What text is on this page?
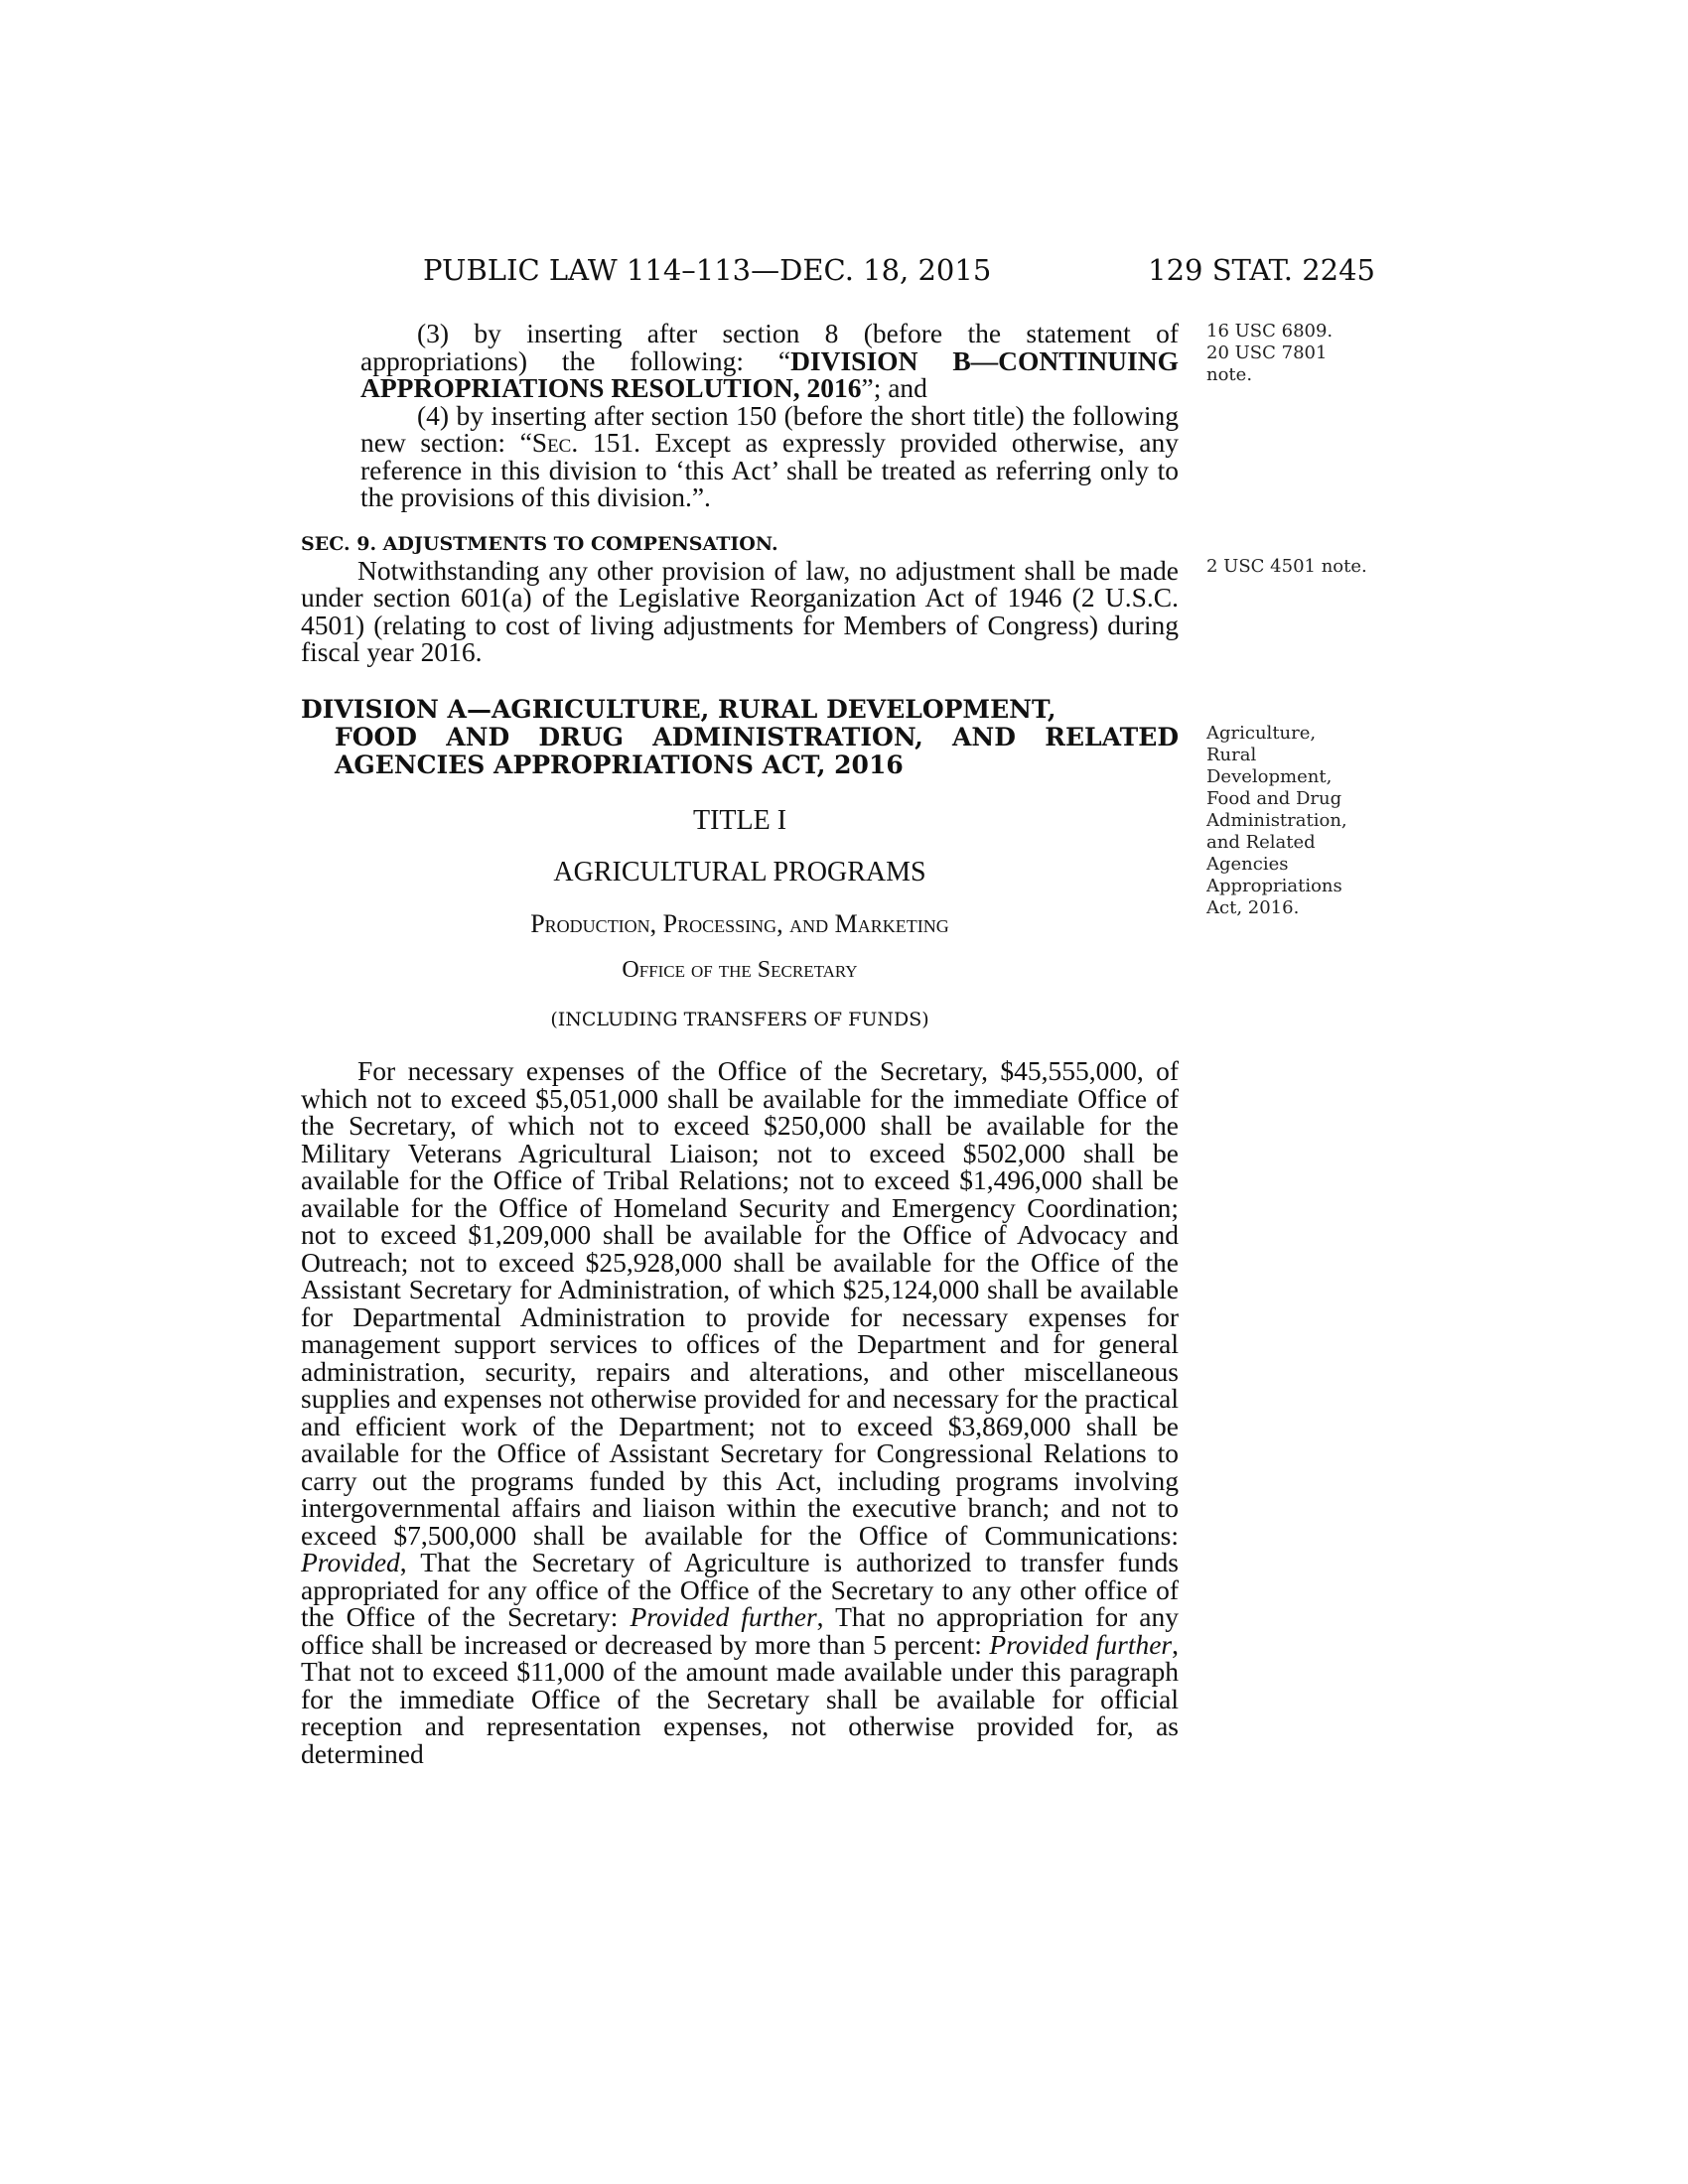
PUBLIC LAW 114–113—DEC. 18, 2015	129 STAT. 2245

(3) by inserting after section 8 (before the statement of appropriations) the following: “DIVISION B—CONTINUING APPROPRIATIONS RESOLUTION, 2016”; and

(4) by inserting after section 150 (before the short title) the following new section: “Sec. 151. Except as expressly provided otherwise, any reference in this division to ‘this Act’ shall be treated as referring only to the provisions of this division.”.

SEC. 9. ADJUSTMENTS TO COMPENSATION.

Notwithstanding any other provision of law, no adjustment shall be made under section 601(a) of the Legislative Reorganization Act of 1946 (2 U.S.C. 4501) (relating to cost of living adjustments for Members of Congress) during fiscal year 2016.

DIVISION A—AGRICULTURE, RURAL DEVELOPMENT,
FOOD AND DRUG ADMINISTRATION, AND RELATED AGENCIES APPROPRIATIONS ACT, 2016

TITLE I

AGRICULTURAL PROGRAMS

Production, Processing, and Marketing

Office of the Secretary

(INCLUDING TRANSFERS OF FUNDS)

For necessary expenses of the Office of the Secretary, $45,555,000, of which not to exceed $5,051,000 shall be available for the immediate Office of the Secretary, of which not to exceed $250,000 shall be available for the Military Veterans Agricultural Liaison; not to exceed $502,000 shall be available for the Office of Tribal Relations; not to exceed $1,496,000 shall be available for the Office of Homeland Security and Emergency Coordination; not to exceed $1,209,000 shall be available for the Office of Advocacy and Outreach; not to exceed $25,928,000 shall be available for the Office of the Assistant Secretary for Administration, of which $25,124,000 shall be available for Departmental Administration to provide for necessary expenses for management support services to offices of the Department and for general administration, security, repairs and alterations, and other miscellaneous supplies and expenses not otherwise provided for and necessary for the practical and efficient work of the Department; not to exceed $3,869,000 shall be available for the Office of Assistant Secretary for Congressional Relations to carry out the programs funded by this Act, including programs involving intergovernmental affairs and liaison within the executive branch; and not to exceed $7,500,000 shall be available for the Office of Communications: Provided, That the Secretary of Agriculture is authorized to transfer funds appropriated for any office of the Office of the Secretary to any other office of the Office of the Secretary: Provided further, That no appropriation for any office shall be increased or decreased by more than 5 percent: Provided further, That not to exceed $11,000 of the amount made available under this paragraph for the immediate Office of the Secretary shall be available for official reception and representation expenses, not otherwise provided for, as determined

16 USC 6809.
20 USC 7801
note.
2 USC 4501 note.
Agriculture,
Rural
Development,
Food and Drug
Administration,
and Related
Agencies
Appropriations
Act, 2016.
